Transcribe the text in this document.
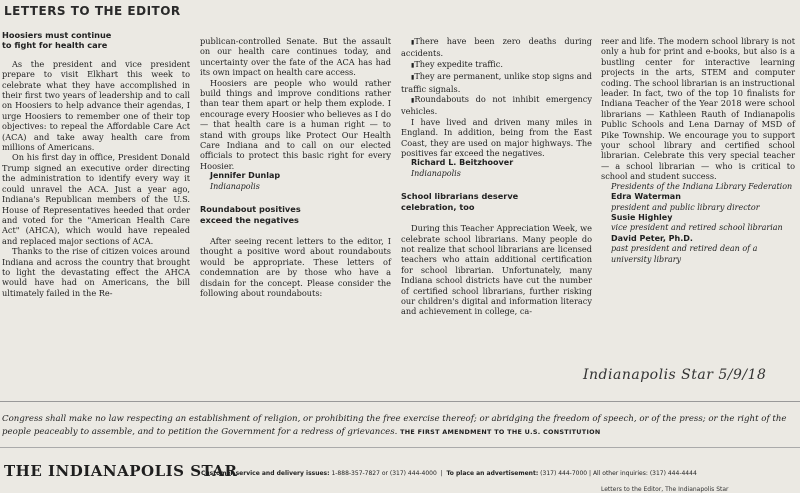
LETTERS TO THE EDITOR

Hoosiers must continue

to fight for health care

As the president and vice president prepare to visit Elkhart this week to celebrate what they have accomplished in their first two years of leadership and to call on Hoosiers to help advance their agendas, I urge Hoosiers to remember one of their top objectives: to repeal the Affordable Care Act (ACA) and take away health care from millions of Americans.

On his first day in office, President Donald Trump signed an executive order directing the administration to identify every way it could unravel the ACA. Just a year ago, Indiana's Republican members of the U.S. House of Representatives heeded that order and voted for the "American Health Care Act" (AHCA), which would have repealed and replaced major sections of ACA.

Thanks to the rise of citizen voices around Indiana and across the country that brought to light the devastating effect the AHCA would have had on Americans, the bill ultimately failed in the Re-

publican-controlled Senate. But the assault on our health care continues today, and uncertainty over the fate of the ACA has had its own impact on health care access.

Hoosiers are people who would rather build things and improve conditions rather than tear them apart or help them explode. I encourage every Hoosier who believes as I do — that health care is a human right — to stand with groups like Protect Our Health Care Indiana and to call on our elected officials to protect this basic right for every Hoosier.

Jennifer Dunlap
Indianapolis

Roundabout positives

exceed the negatives

After seeing recent letters to the editor, I thought a positive word about roundabouts would be appropriate. These letters of condemnation are by those who have a disdain for the concept. Please consider the following about roundabouts:

▮ There have been zero deaths during accidents.

▮ They expedite traffic.

▮ They are permanent, unlike stop signs and traffic signals.

▮ Roundabouts do not inhibit emergency vehicles.

I have lived and driven many miles in England. In addition, being from the East Coast, they are used on major highways. The positives far exceed the negatives.

Richard L. Beitzhoover
Indianapolis

School librarians deserve

celebration, too

During this Teacher Appreciation Week, we celebrate school librarians. Many people do not realize that school librarians are licensed teachers who attain additional certification for school librarian. Unfortunately, many Indiana school districts have cut the number of certified school librarians, further risking our children's digital and information literacy and achievement in college, ca-

reer and life. The modern school library is not only a hub for print and e-books, but also is a bustling center for interactive learning projects in the arts, STEM and computer coding. The school librarian is an instructional leader. In fact, two of the top 10 finalists for Indiana Teacher of the Year 2018 were school librarians — Kathleen Rauth of Indianapolis Public Schools and Lena Darnay of MSD of Pike Township. We encourage you to support your school library and certified school librarian. Celebrate this very special teacher — a school librarian — who is critical to school and student success.

Presidents of the Indiana Library Federation
Edra Waterman
president and public library director
Susie Highley
vice president and retired school librarian
David Peter, Ph.D.
past president and retired dean of a university library
Indianapolis Star 5/9/18
Congress shall make no law respecting an establishment of religion, or prohibiting the free exercise thereof; or abridging the freedom of speech, or of the press; or the right of the people peaceably to assemble, and to petition the Government for a redress of grievances. THE FIRST AMENDMENT TO THE U.S. CONSTITUTION
THE INDIANAPOLIS STAR
Customer service and delivery issues: 1-888-357-7827 or (317) 444-4000  |  To place an advertisement: (317) 444-7000 | All other inquiries: (317) 444-4444
Letters to the Editor, The Indianapolis Star
